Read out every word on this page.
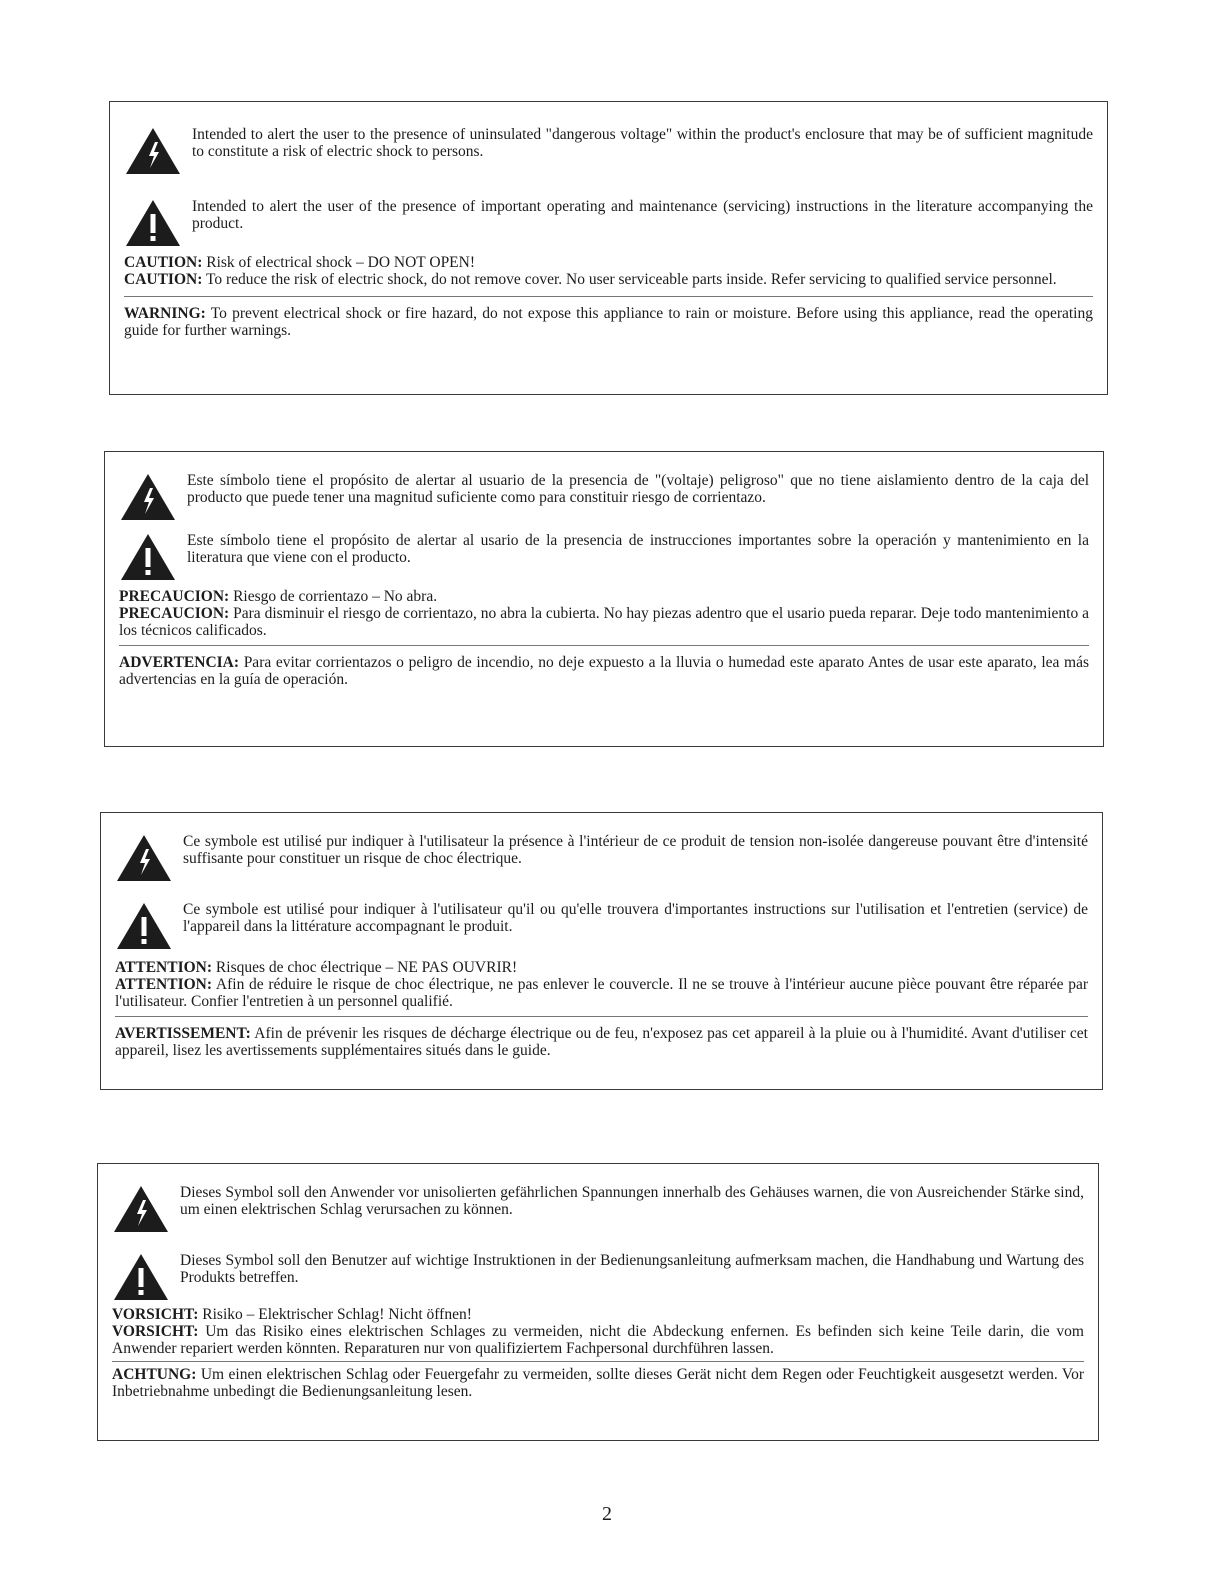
Intended to alert the user to the presence of uninsulated "dangerous voltage" within the product's enclosure that may be of sufficient magnitude to constitute a risk of electric shock to persons.
Intended to alert the user of the presence of important operating and maintenance (servicing) instructions in the literature accompanying the product.
CAUTION: Risk of electrical shock – DO NOT OPEN!
CAUTION: To reduce the risk of electric shock, do not remove cover. No user serviceable parts inside. Refer servicing to qualified service personnel.
WARNING: To prevent electrical shock or fire hazard, do not expose this appliance to rain or moisture. Before using this appliance, read the operating guide for further warnings.
Este símbolo tiene el propósito de alertar al usuario de la presencia de "(voltaje) peligroso" que no tiene aislamiento dentro de la caja del producto que puede tener una magnitud suficiente como para constituir riesgo de corrientazo.
Este símbolo tiene el propósito de alertar al usario de la presencia de instrucciones importantes sobre la operación y mantenimiento en la literatura que viene con el producto.
PRECAUCION: Riesgo de corrientazo – No abra.
PRECAUCION: Para disminuir el riesgo de corrientazo, no abra la cubierta. No hay piezas adentro que el usario pueda reparar. Deje todo mantenimiento a los técnicos calificados.
ADVERTENCIA: Para evitar corrientazos o peligro de incendio, no deje expuesto a la lluvia o humedad este aparato Antes de usar este aparato, lea más advertencias en la guía de operación.
Ce symbole est utilisé pur indiquer à l'utilisateur la présence à l'intérieur de ce produit de tension non-isolée dangereuse pouvant être d'intensité suffisante pour constituer un risque de choc électrique.
Ce symbole est utilisé pour indiquer à l'utilisateur qu'il ou qu'elle trouvera d'importantes instructions sur l'utilisation et l'entretien (service) de l'appareil dans la littérature accompagnant le produit.
ATTENTION: Risques de choc électrique – NE PAS OUVRIR!
ATTENTION: Afin de réduire le risque de choc électrique, ne pas enlever le couvercle. Il ne se trouve à l'intérieur aucune pièce pouvant être réparée par l'utilisateur. Confier l'entretien à un personnel qualifié.
AVERTISSEMENT: Afin de prévenir les risques de décharge électrique ou de feu, n'exposez pas cet appareil à la pluie ou à l'humidité. Avant d'utiliser cet appareil, lisez les avertissements supplémentaires situés dans le guide.
Dieses Symbol soll den Anwender vor unisolierten gefährlichen Spannungen innerhalb des Gehäuses warnen, die von Ausreichender Stärke sind, um einen elektrischen Schlag verursachen zu können.
Dieses Symbol soll den Benutzer auf wichtige Instruktionen in der Bedienungsanleitung aufmerksam machen, die Handhabung und Wartung des Produkts betreffen.
VORSICHT: Risiko – Elektrischer Schlag! Nicht öffnen!
VORSICHT: Um das Risiko eines elektrischen Schlages zu vermeiden, nicht die Abdeckung enfernen. Es befinden sich keine Teile darin, die vom Anwender repariert werden könnten. Reparaturen nur von qualifiziertem Fachpersonal durchführen lassen.
ACHTUNG: Um einen elektrischen Schlag oder Feuergefahr zu vermeiden, sollte dieses Gerät nicht dem Regen oder Feuchtigkeit ausgesetzt werden. Vor Inbetriebnahme unbedingt die Bedienungsanleitung lesen.
2
